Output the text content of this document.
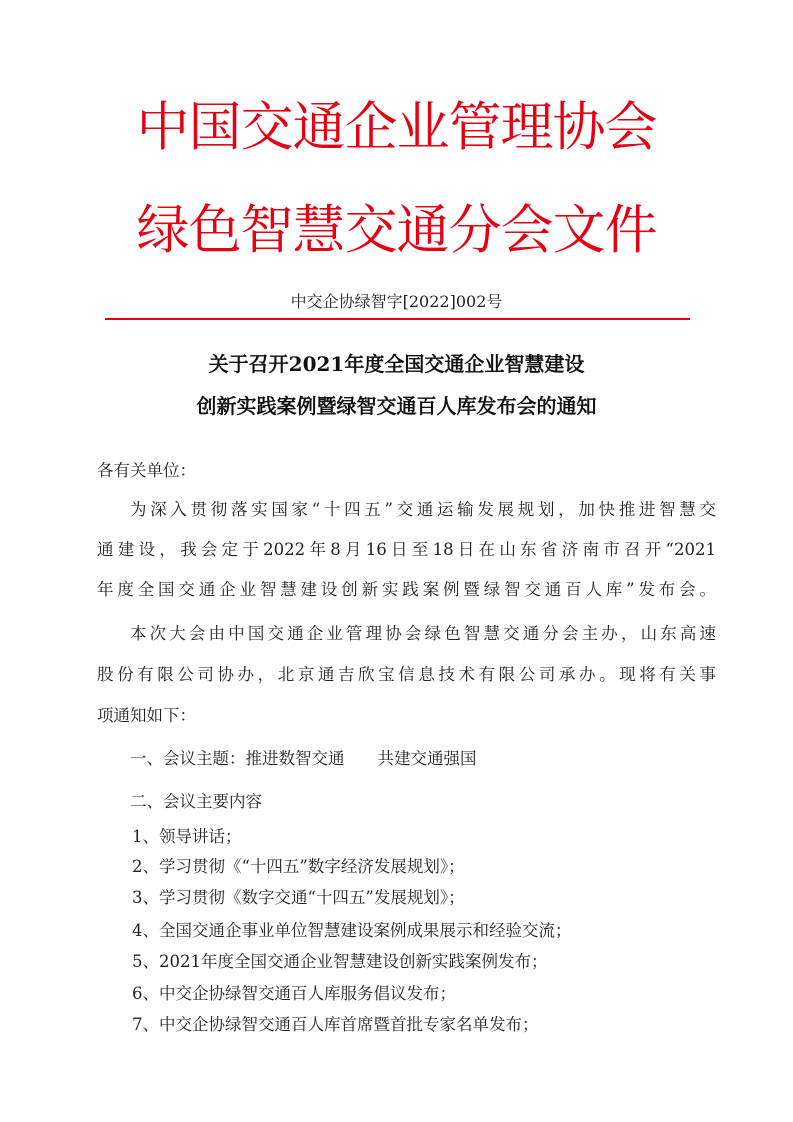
中国交通企业管理协会
绿色智慧交通分会文件
中交企协绿智字[2022]002号
关于召开2021年度全国交通企业智慧建设
创新实践案例暨绿智交通百人库发布会的通知
各有关单位：
为深入贯彻落实国家“十四五”交通运输发展规划，加快推进智慧交
通建设，我会定于2022年8月16日至18日在山东省济南市召开“2021
年度全国交通企业智慧建设创新实践案例暨绿智交通百人库”发布会。
本次大会由中国交通企业管理协会绿色智慧交通分会主办，山东高速
股份有限公司协办，北京通吉欣宝信息技术有限公司承办。现将有关事
项通知如下：
一、会议主题：推进数智交通　　共建交通强国
二、会议主要内容
1、领导讲话；
2、学习贯彻《“十四五”数字经济发展规划》；
3、学习贯彻《数字交通“十四五”发展规划》；
4、全国交通企事业单位智慧建设案例成果展示和经验交流；
5、2021年度全国交通企业智慧建设创新实践案例发布；
6、中交企协绿智交通百人库服务倡议发布；
7、中交企协绿智交通百人库首席暨首批专家名单发布；
